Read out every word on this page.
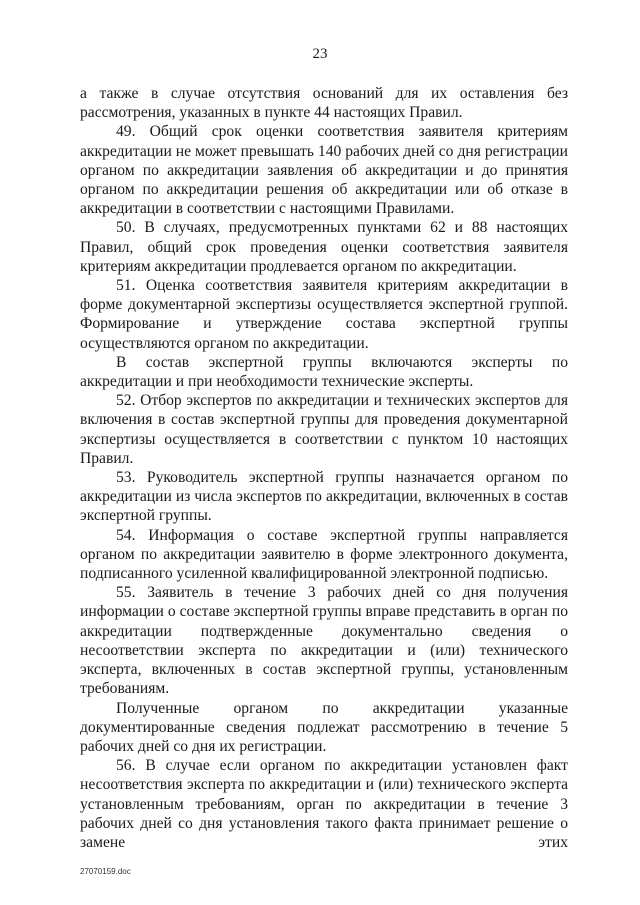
23

а также в случае отсутствия оснований для их оставления без рассмотрения, указанных в пункте 44 настоящих Правил.

49. Общий срок оценки соответствия заявителя критериям аккредитации не может превышать 140 рабочих дней со дня регистрации органом по аккредитации заявления об аккредитации и до принятия органом по аккредитации решения об аккредитации или об отказе в аккредитации в соответствии с настоящими Правилами.

50. В случаях, предусмотренных пунктами 62 и 88 настоящих Правил, общий срок проведения оценки соответствия заявителя критериям аккредитации продлевается органом по аккредитации.

51. Оценка соответствия заявителя критериям аккредитации в форме документарной экспертизы осуществляется экспертной группой. Формирование и утверждение состава экспертной группы осуществляются органом по аккредитации.

В состав экспертной группы включаются эксперты по аккредитации и при необходимости технические эксперты.

52. Отбор экспертов по аккредитации и технических экспертов для включения в состав экспертной группы для проведения документарной экспертизы осуществляется в соответствии с пунктом 10 настоящих Правил.

53. Руководитель экспертной группы назначается органом по аккредитации из числа экспертов по аккредитации, включенных в состав экспертной группы.

54. Информация о составе экспертной группы направляется органом по аккредитации заявителю в форме электронного документа, подписанного усиленной квалифицированной электронной подписью.

55. Заявитель в течение 3 рабочих дней со дня получения информации о составе экспертной группы вправе представить в орган по аккредитации подтвержденные документально сведения о несоответствии эксперта по аккредитации и (или) технического эксперта, включенных в состав экспертной группы, установленным требованиям.

Полученные органом по аккредитации указанные документированные сведения подлежат рассмотрению в течение 5 рабочих дней со дня их регистрации.

56. В случае если органом по аккредитации установлен факт несоответствия эксперта по аккредитации и (или) технического эксперта установленным требованиям, орган по аккредитации в течение 3 рабочих дней со дня установления такого факта принимает решение о замене этих

27070159.doc
